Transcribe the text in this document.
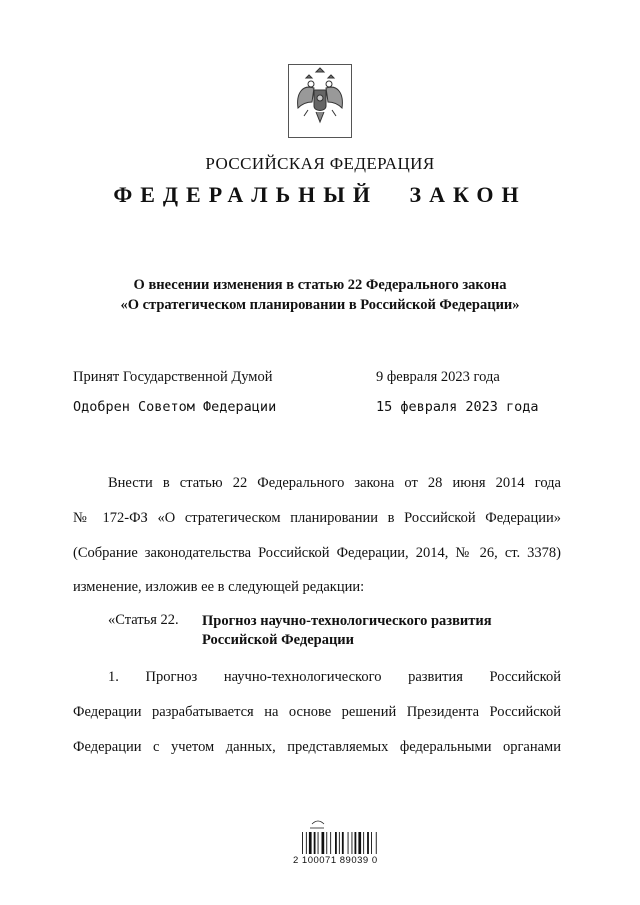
РОССИЙСКАЯ ФЕДЕРАЦИЯ
ФЕДЕРАЛЬНЫЙ ЗАКОН
О внесении изменения в статью 22 Федерального закона
«О стратегическом планировании в Российской Федерации»
Принят Государственной Думой	9 февраля 2023 года
Одобрен Советом Федерации	15 февраля 2023 года
Внести в статью 22 Федерального закона от 28 июня 2014 года
№ 172-ФЗ «О стратегическом планировании в Российской Федерации»
(Собрание законодательства Российской Федерации, 2014, № 26, ст. 3378)
изменение, изложив ее в следующей редакции:
«Статья 22. Прогноз научно-технологического развития
Российской Федерации
1. Прогноз научно-технологического развития Российской
Федерации разрабатывается на основе решений Президента Российской
Федерации с учетом данных, представляемых федеральными органами
2 100071 89039 0
